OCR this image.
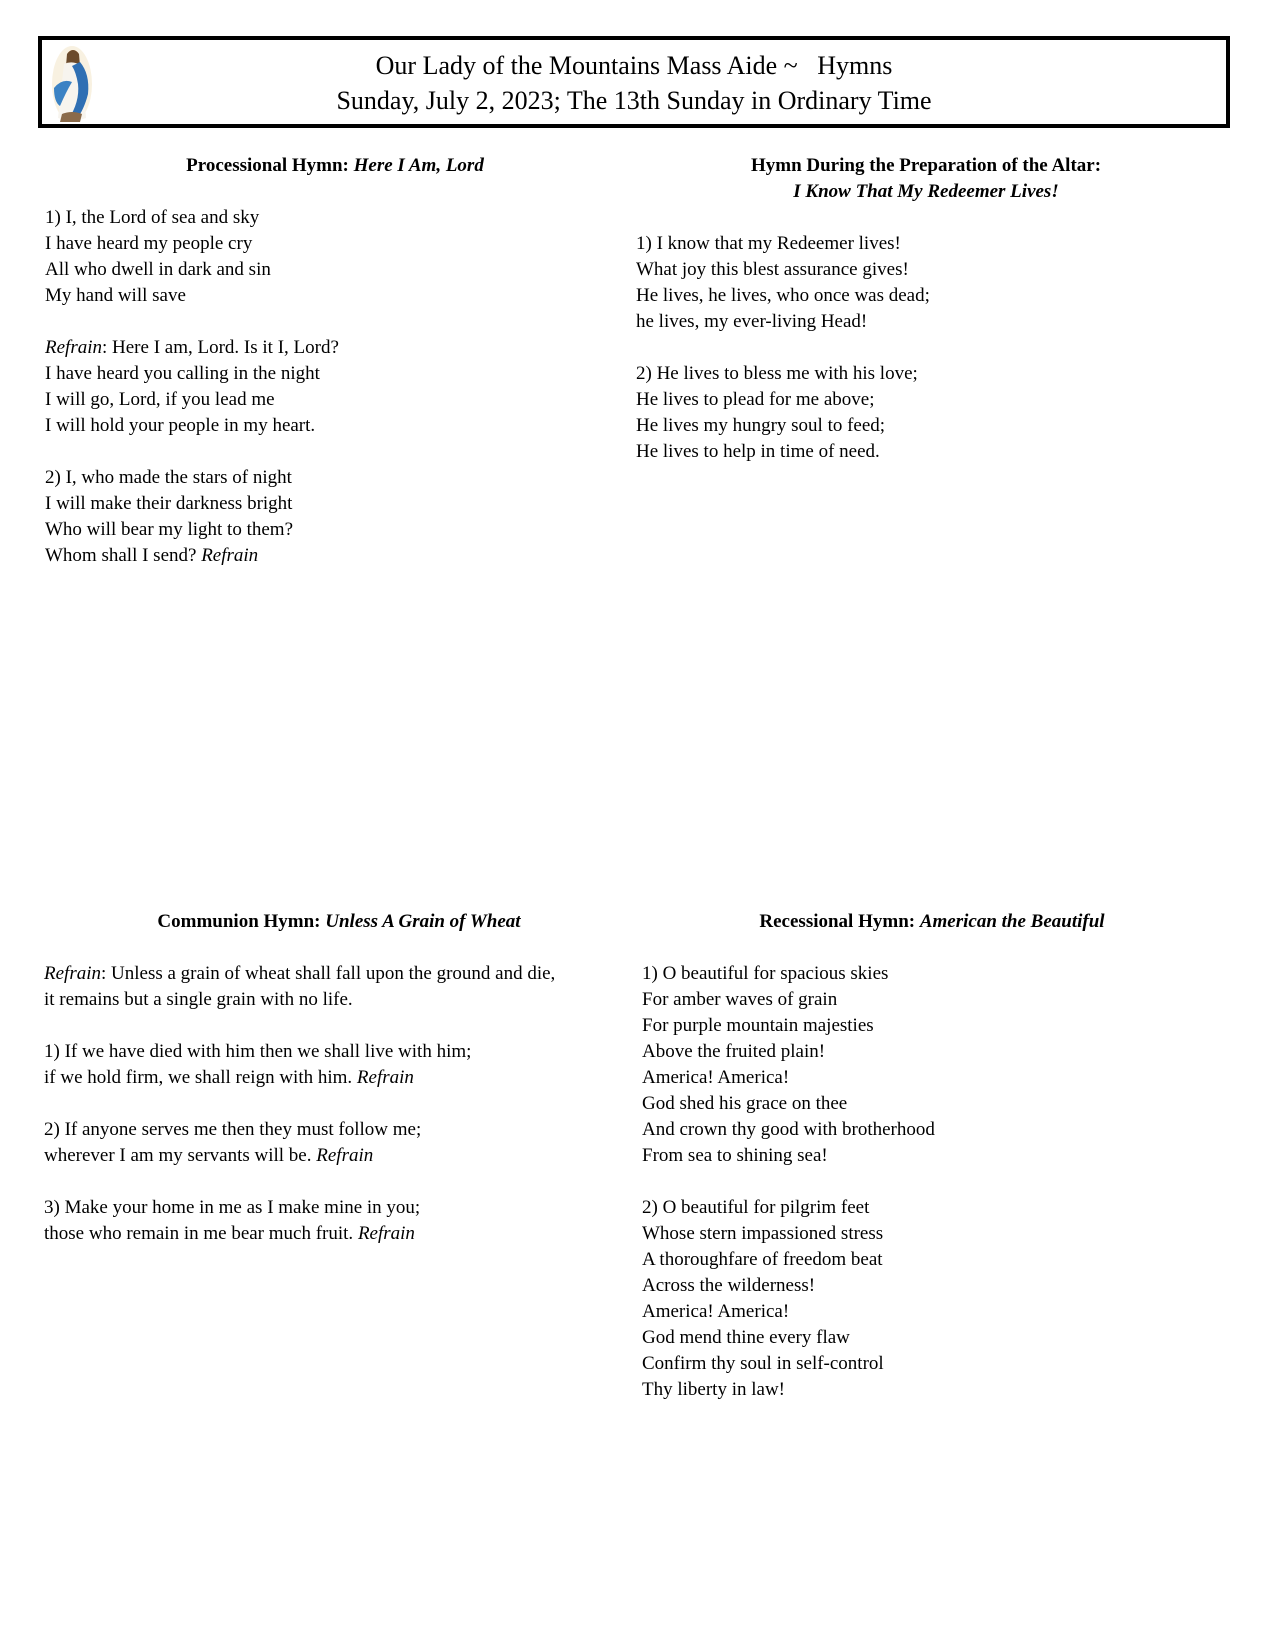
Our Lady of the Mountains Mass Aide ~   Hymns
Sunday, July 2, 2023; The 13th Sunday in Ordinary Time
Processional Hymn: Here I Am, Lord
1) I, the Lord of sea and sky
I have heard my people cry
All who dwell in dark and sin
My hand will save
Refrain: Here I am, Lord. Is it I, Lord?
I have heard you calling in the night
I will go, Lord, if you lead me
I will hold your people in my heart.
2) I, who made the stars of night
I will make their darkness bright
Who will bear my light to them?
Whom shall I send? Refrain
Hymn During the Preparation of the Altar:
I Know That My Redeemer Lives!
1) I know that my Redeemer lives!
What joy this blest assurance gives!
He lives, he lives, who once was dead;
he lives, my ever-living Head!
2) He lives to bless me with his love;
He lives to plead for me above;
He lives my hungry soul to feed;
He lives to help in time of need.
Communion Hymn: Unless A Grain of Wheat
Refrain: Unless a grain of wheat shall fall upon the ground and die,
it remains but a single grain with no life.
1) If we have died with him then we shall live with him;
if we hold firm, we shall reign with him. Refrain
2) If anyone serves me then they must follow me;
wherever I am my servants will be. Refrain
3) Make your home in me as I make mine in you;
those who remain in me bear much fruit. Refrain
Recessional Hymn: American the Beautiful
1) O beautiful for spacious skies
For amber waves of grain
For purple mountain majesties
Above the fruited plain!
America! America!
God shed his grace on thee
And crown thy good with brotherhood
From sea to shining sea!
2) O beautiful for pilgrim feet
Whose stern impassioned stress
A thoroughfare of freedom beat
Across the wilderness!
America! America!
God mend thine every flaw
Confirm thy soul in self-control
Thy liberty in law!
